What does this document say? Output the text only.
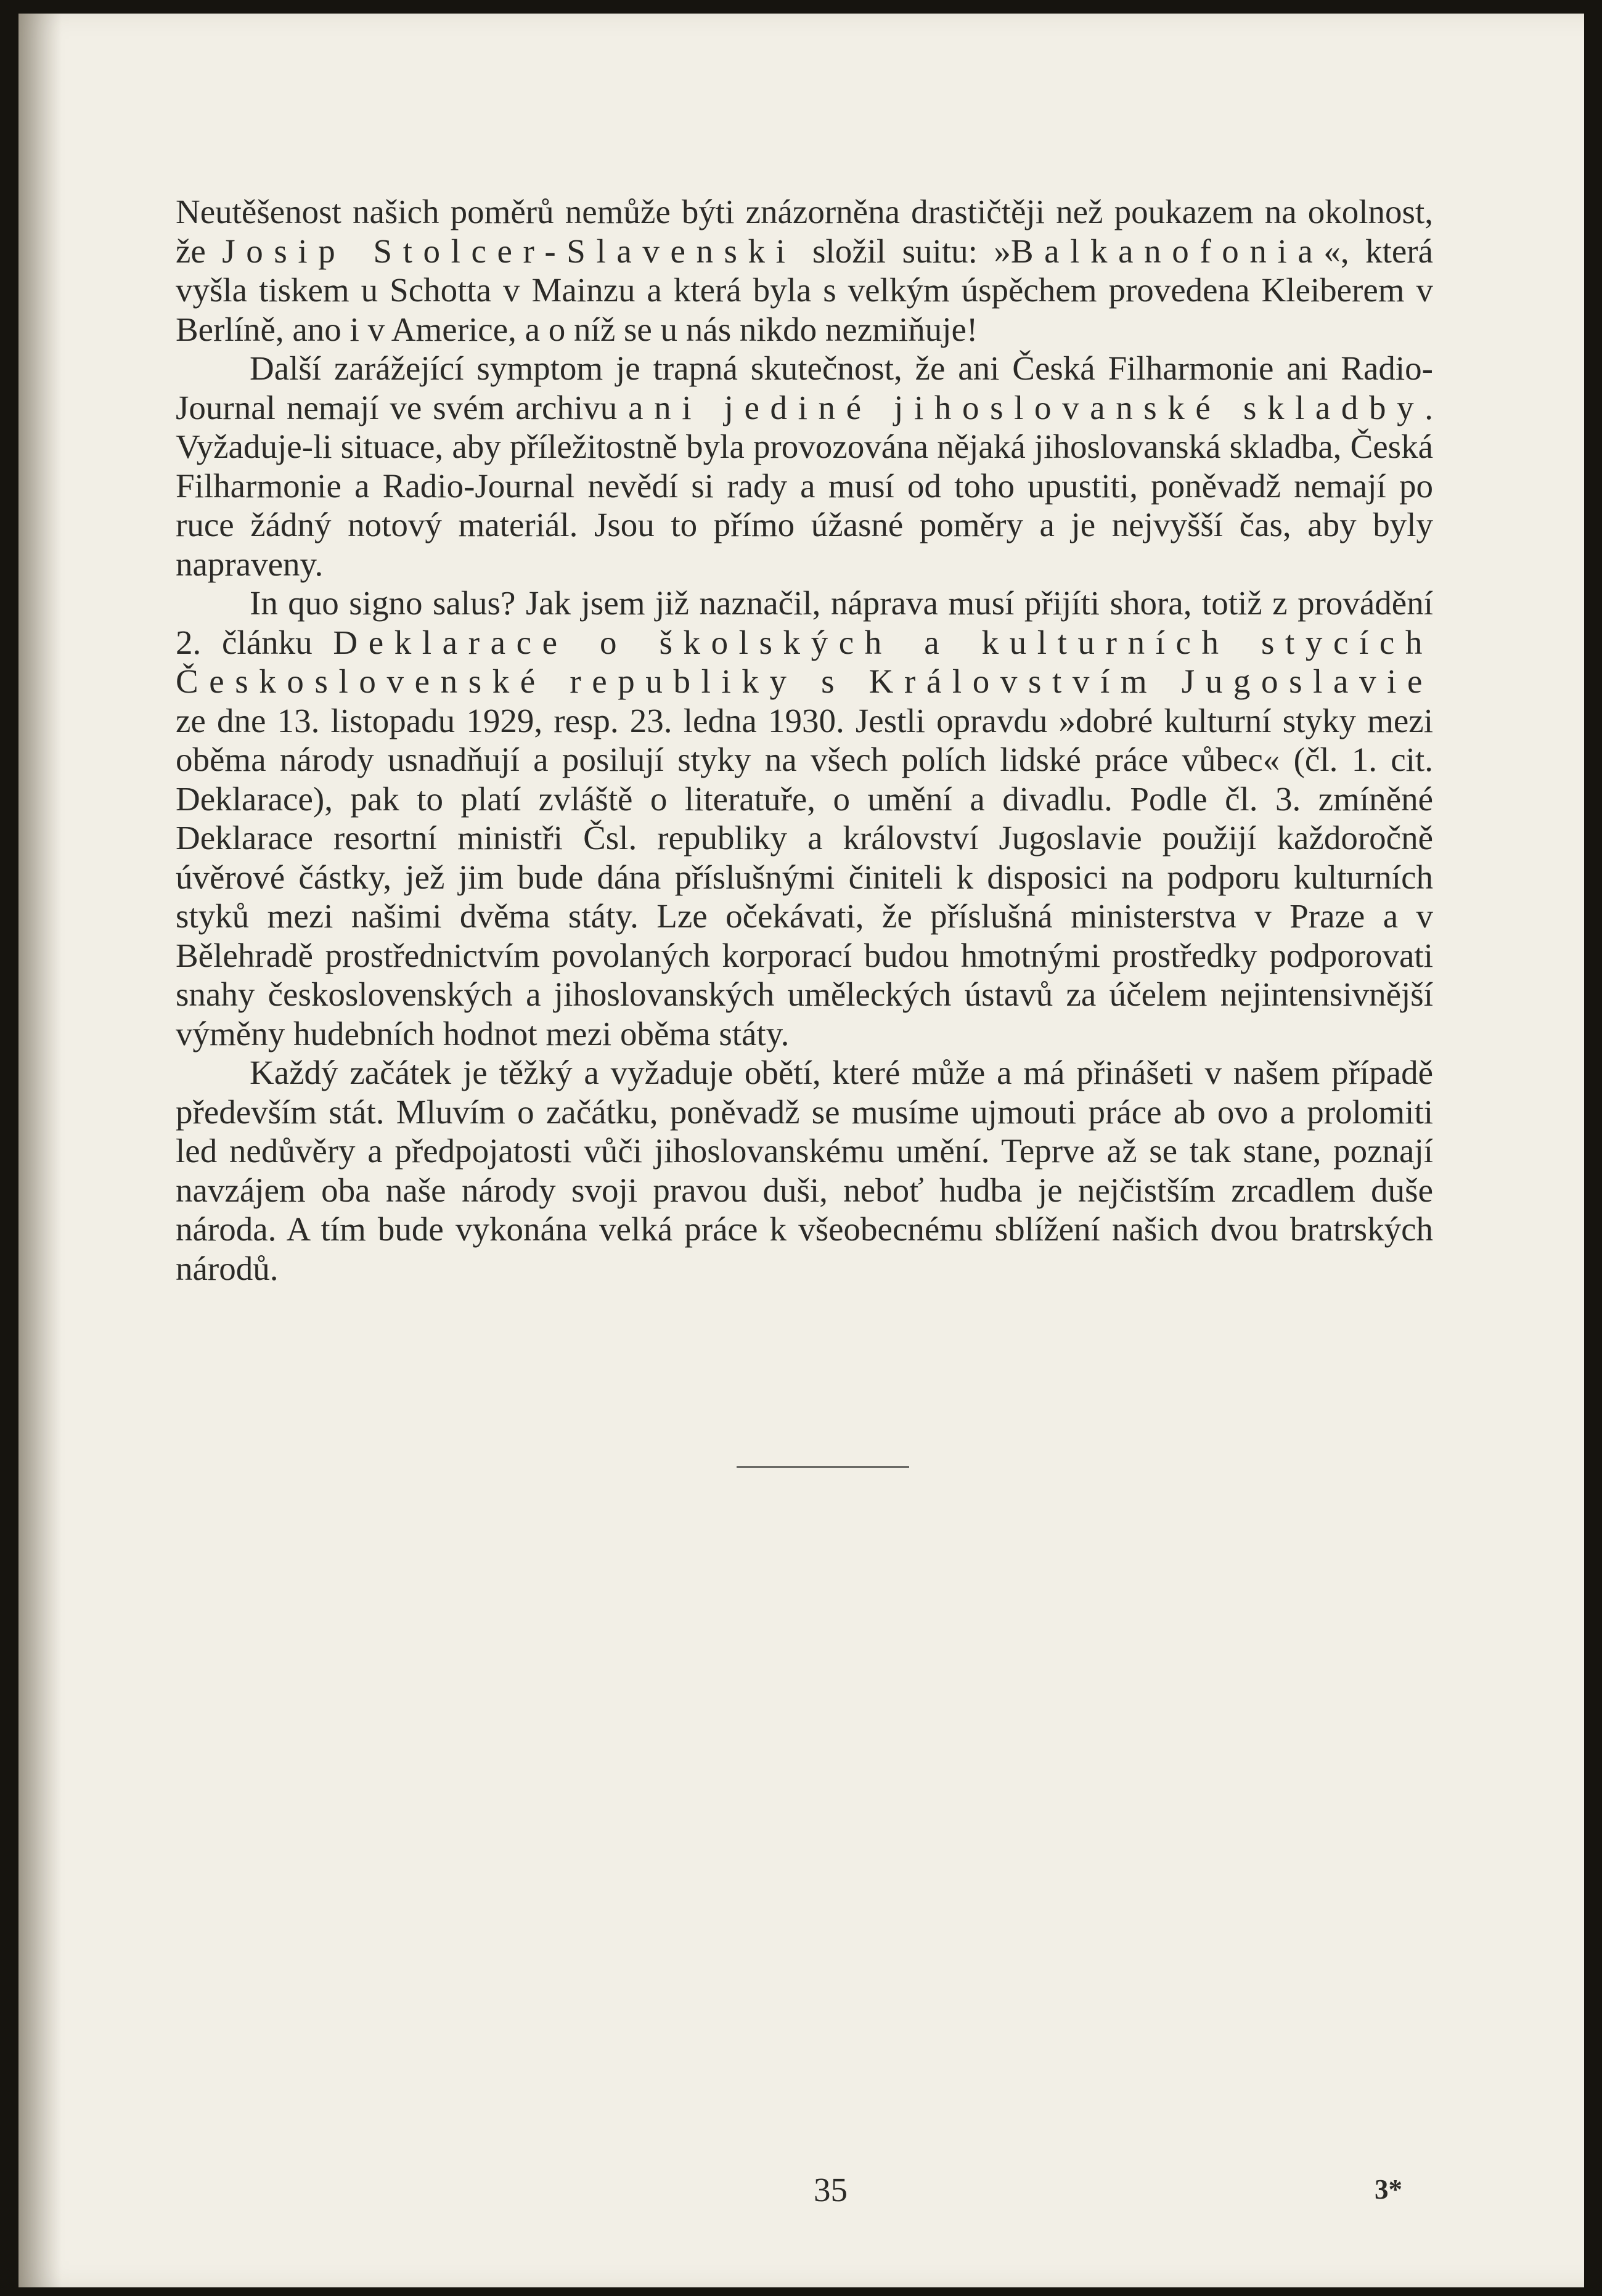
Neutěšenost našich poměrů nemůže býti znázorněna drastičtěji než poukazem na okolnost, že Josip Stolcer-Slavenski složil suitu: »Balkanofonia«, která vyšla tiskem u Schotta v Mainzu a která byla s velkým úspěchem provedena Kleiberem v Berlíně, ano i v Americe, a o níž se u nás nikdo nezmiňuje!

Další zarážející symptom je trapná skutečnost, že ani Česká Filharmonie ani Radio-Journal nemají ve svém archivu ani jediné jihoslovanské skladby. Vyžaduje-li situace, aby příležitostně byla provozována nějaká jihoslovanská skladba, Česká Filharmonie a Radio-Journal nevědí si rady a musí od toho upustiti, poněvadž nemají po ruce žádný notový materiál. Jsou to přímo úžasné poměry a je nejvyšší čas, aby byly napraveny.

In quo signo salus? Jak jsem již naznačil, náprava musí přijíti shora, totiž z provádění 2. článku Deklarace o školských a kulturních stycích Československé republiky s Královstvím Jugoslavie ze dne 13. listopadu 1929, resp. 23. ledna 1930. Jestli opravdu »dobré kulturní styky mezi oběma národy usnadňují a posilují styky na všech polích lidské práce vůbec« (čl. 1. cit. Deklarace), pak to platí zvláště o literatuře, o umění a divadlu. Podle čl. 3. zmíněné Deklarace resortní ministři Čsl. republiky a království Jugoslavie použijí každoročně úvěrové částky, jež jim bude dána příslušnými činiteli k disposici na podporu kulturních styků mezi našimi dvěma státy. Lze očekávati, že příslušná ministerstva v Praze a v Bělehradě prostřednictvím povolaných korporací budou hmotnými prostředky podporovati snahy československých a jihoslovanských uměleckých ústavů za účelem nejintensivnější výměny hudebních hodnot mezi oběma státy.

Každý začátek je těžký a vyžaduje obětí, které může a má přinášeti v našem případě především stát. Mluvím o začátku, poněvadž se musíme ujmouti práce ab ovo a prolomiti led nedůvěry a předpojatosti vůči jihoslovanskému umění. Teprve až se tak stane, poznají navzájem oba naše národy svoji pravou duši, neboť hudba je nejčistším zrcadlem duše národa. A tím bude vykonána velká práce k všeobecnému sblížení našich dvou bratrských národů.

35	3*
